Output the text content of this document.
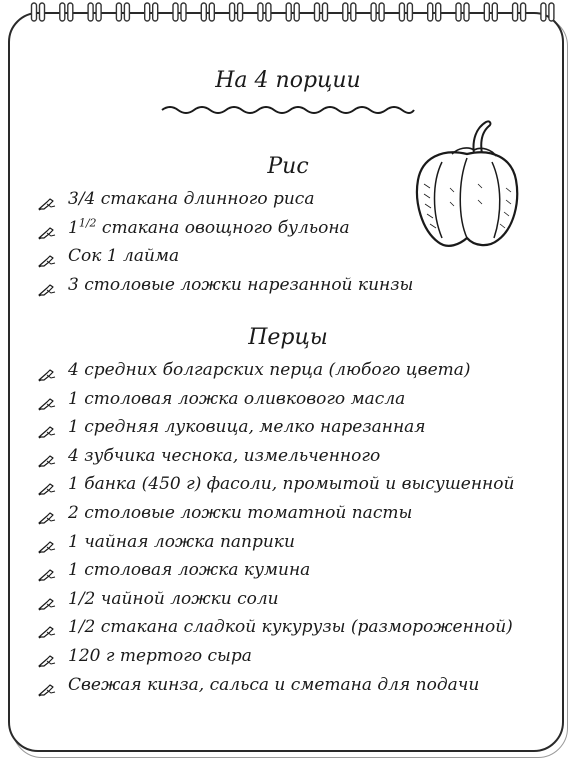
На 4 порции
Рис
3/4 стакана длинного риса
$1^{1/2}$ стакана овощного бульона
Сок 1 лайма
3 столовые ложки нарезанной кинзы
Перцы
4 средних болгарских перца (любого цвета)
1 столовая ложка оливкового масла
1 средняя луковица, мелко нарезанная
4 зубчика чеснока, измельченного
1 банка (450 г) фасоли, промытой и высушенной
2 столовые ложки томатной пасты
1 чайная ложка паприки
1 столовая ложка кумина
1/2 чайной ложки соли
1/2 стакана сладкой кукурузы (размороженной)
120 г тертого сыра
Свежая кинза, сальса и сметана для подачи
